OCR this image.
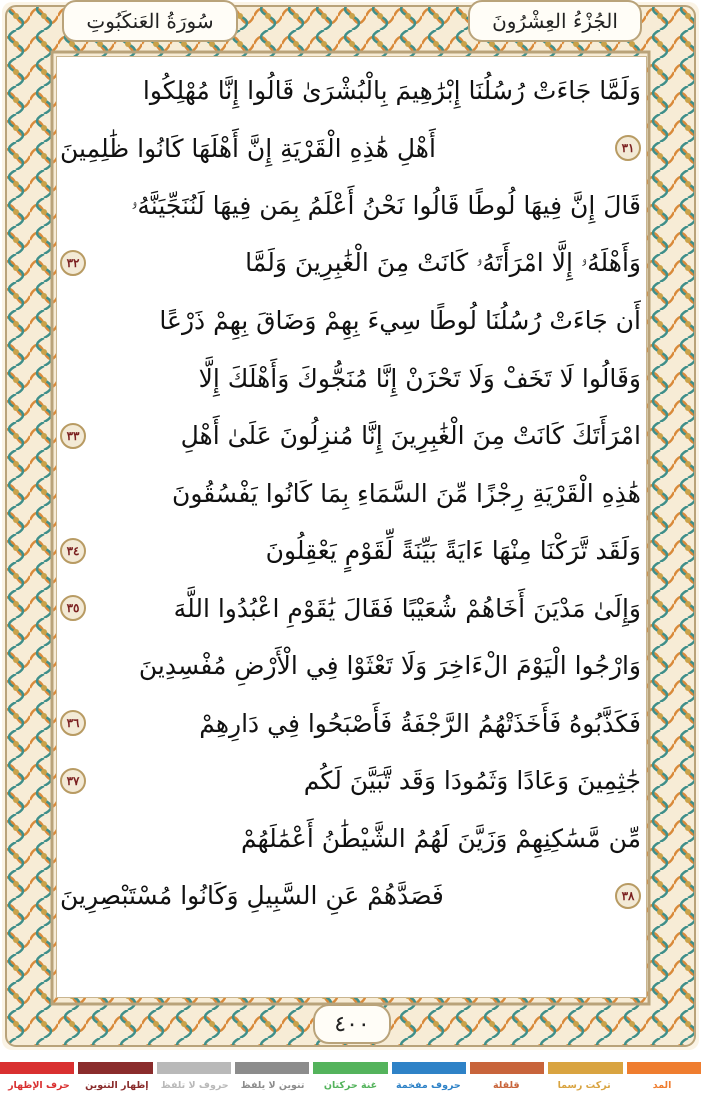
سُورَةُ العَنكَبُوتِ	الجُزْءُ العِشْرُونَ
وَلَمَّا جَاءَتْ رُسُلُنَا إِبْرَٰهِيمَ بِالْبُشْرَىٰ قَالُوا إِنَّا مُهْلِكُوا
٣١
أَهْلِ هَٰذِهِ الْقَرْيَةِ إِنَّ أَهْلَهَا كَانُوا ظَٰلِمِينَ
قَالَ إِنَّ فِيهَا لُوطًا قَالُوا نَحْنُ أَعْلَمُ بِمَن فِيهَا لَنُنَجِّيَنَّهُۥ
وَأَهْلَهُۥ إِلَّا امْرَأَتَهُۥ كَانَتْ مِنَ الْغَٰبِرِينَ وَلَمَّا
٣٢
أَن جَاءَتْ رُسُلُنَا لُوطًا سِيءَ بِهِمْ وَضَاقَ بِهِمْ ذَرْعًا
وَقَالُوا لَا تَخَفْ وَلَا تَحْزَنْ إِنَّا مُنَجُّوكَ وَأَهْلَكَ إِلَّا
امْرَأَتَكَ كَانَتْ مِنَ الْغَٰبِرِينَ إِنَّا مُنزِلُونَ عَلَىٰ أَهْلِ
٣٣
هَٰذِهِ الْقَرْيَةِ رِجْزًا مِّنَ السَّمَاءِ بِمَا كَانُوا يَفْسُقُونَ
وَلَقَد تَّرَكْنَا مِنْهَا ءَايَةً بَيِّنَةً لِّقَوْمٍ يَعْقِلُونَ
٣٤
وَإِلَىٰ مَدْيَنَ أَخَاهُمْ شُعَيْبًا فَقَالَ يَٰقَوْمِ اعْبُدُوا اللَّهَ
٣٥
وَارْجُوا الْيَوْمَ الْءَاخِرَ وَلَا تَعْثَوْا فِي الْأَرْضِ مُفْسِدِينَ
فَكَذَّبُوهُ فَأَخَذَتْهُمُ الرَّجْفَةُ فَأَصْبَحُوا فِي دَارِهِمْ
٣٦
جَٰثِمِينَ وَعَادًا وَثَمُودَا وَقَد تَّبَيَّنَ لَكُم
٣٧
مِّن مَّسَٰكِنِهِمْ وَزَيَّنَ لَهُمُ الشَّيْطَٰنُ أَعْمَٰلَهُمْ
٣٨
فَصَدَّهُمْ عَنِ السَّبِيلِ وَكَانُوا مُسْتَبْصِرِينَ
٤٠٠
المد
تركت رسما
قلقلة
حروف مفخمة
غنة حركتان
تنوين لا يلفظ
حروف لا تلفظ
إظهار التنوين
حرف الإظهار
